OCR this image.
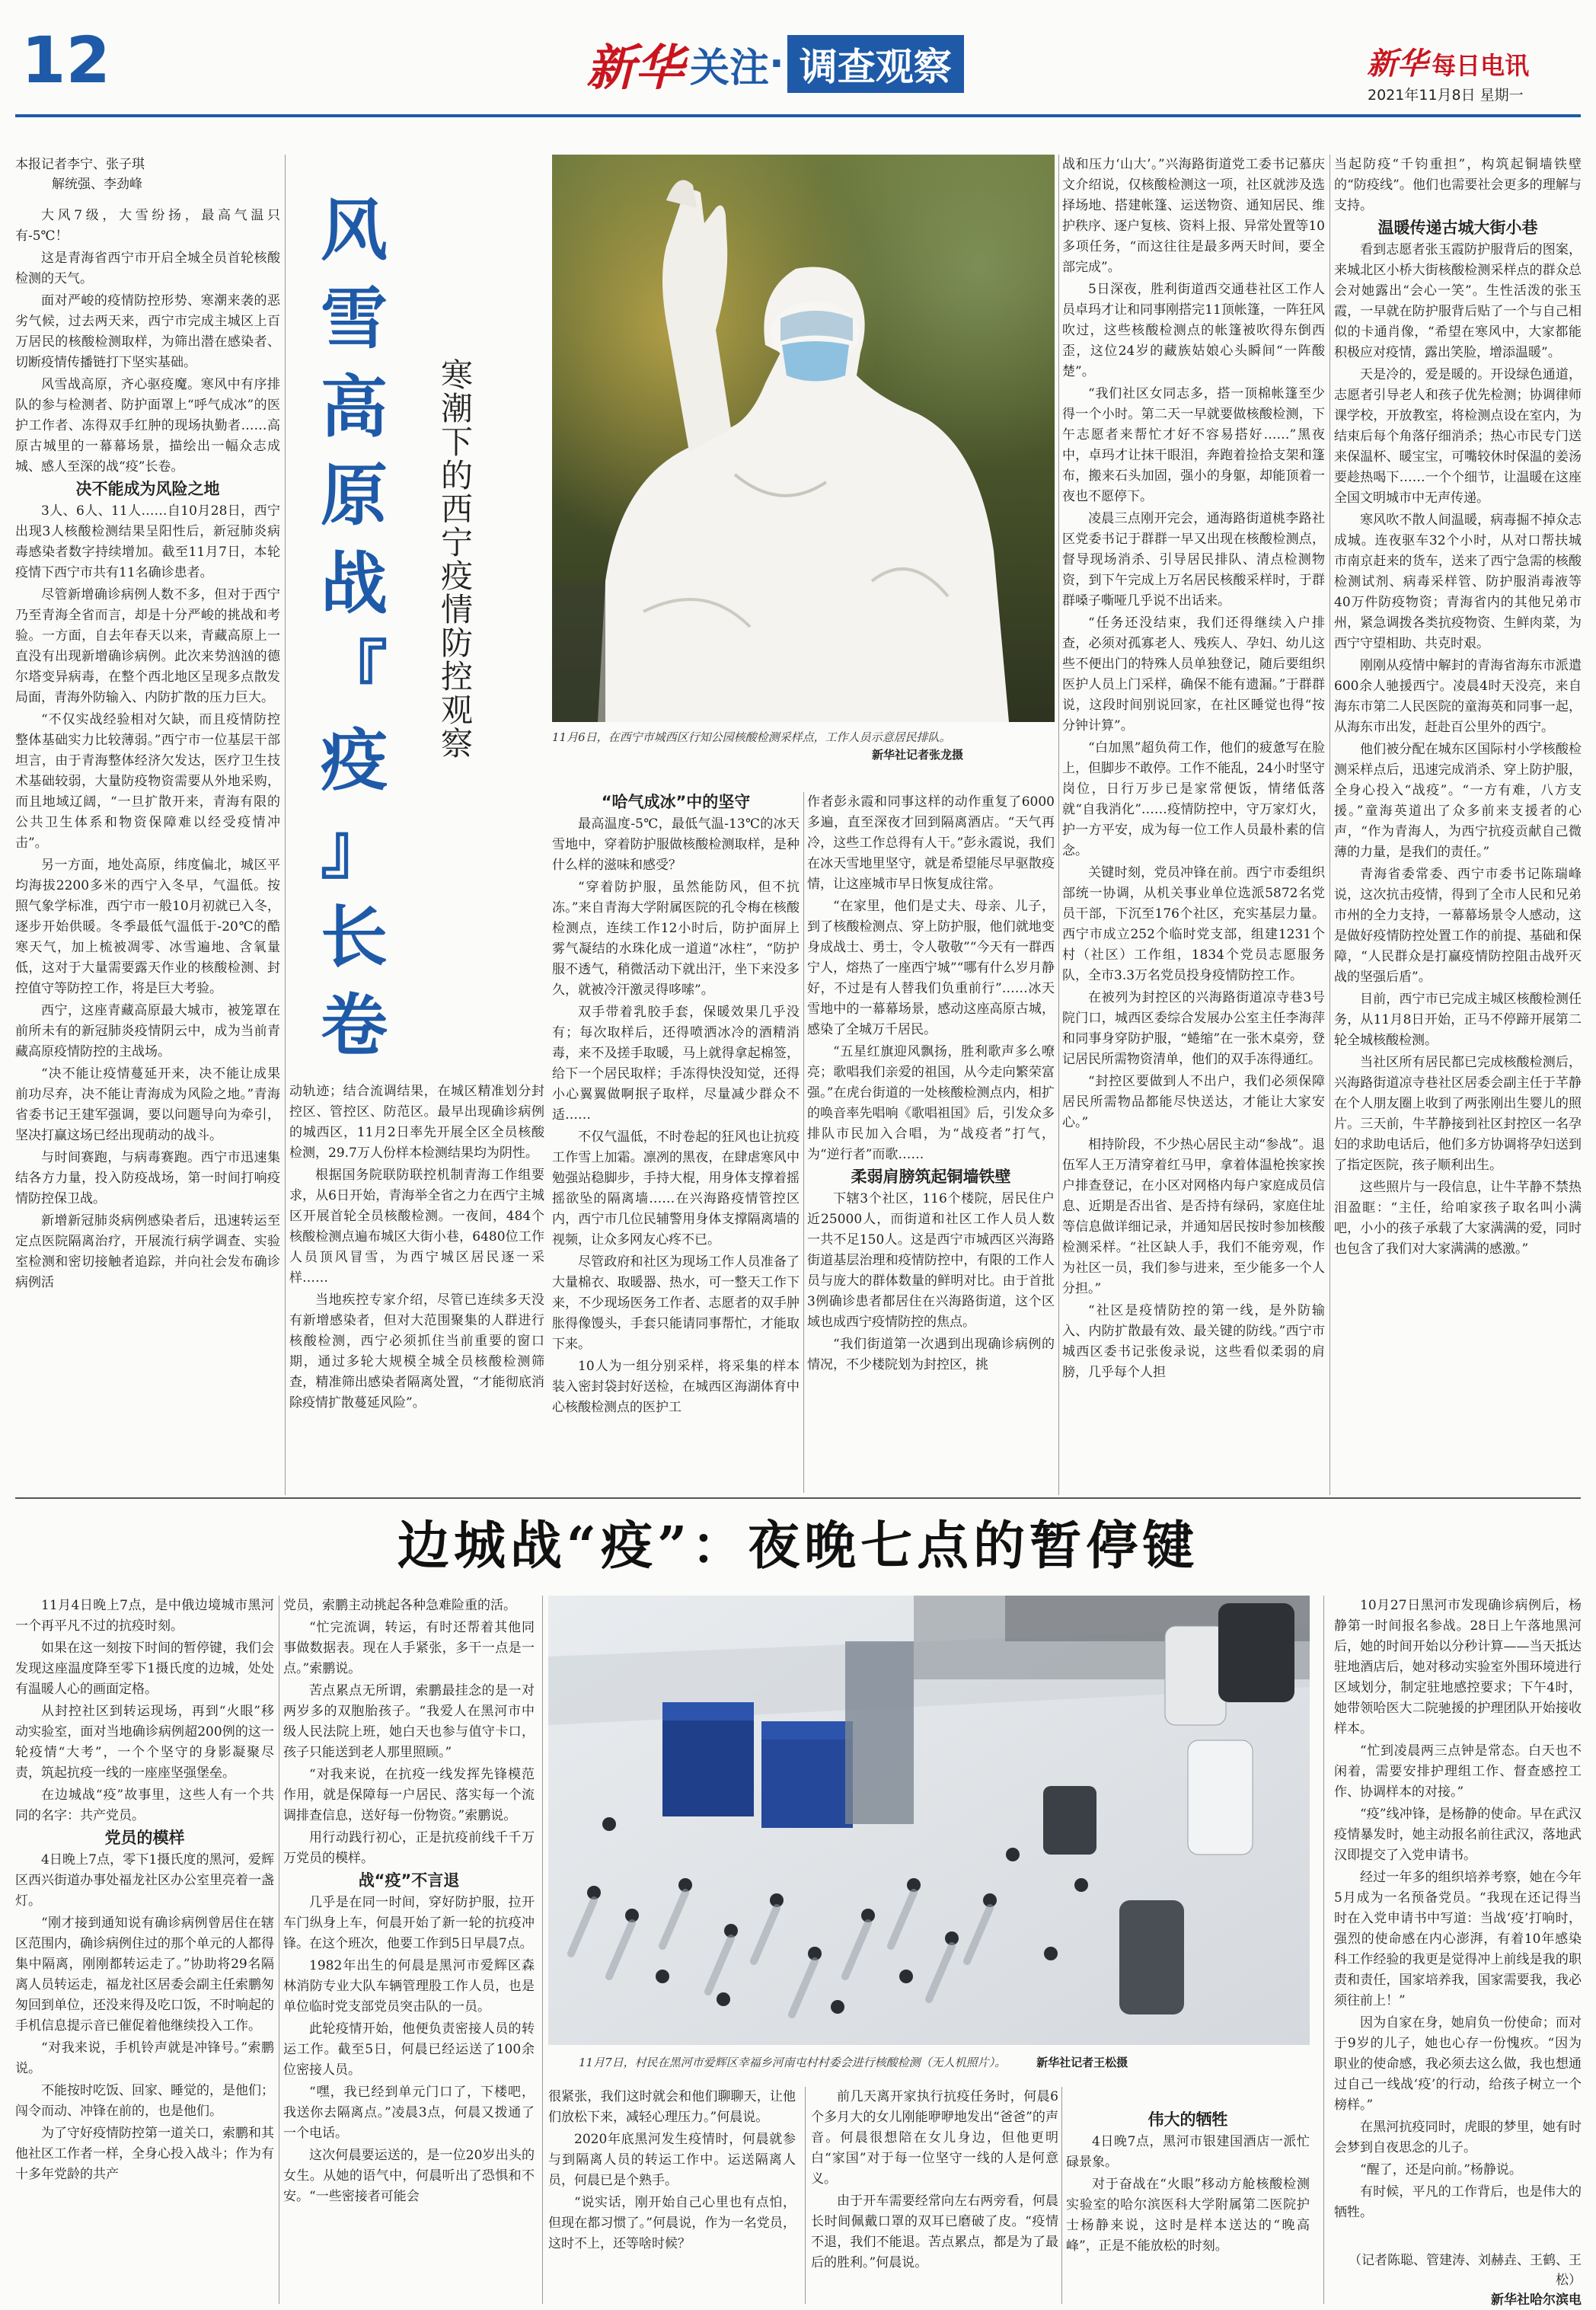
12	新华 关注 · 调查观察	新华 每日电讯
2021年11月8日 星期一
本报记者李宁、张子琪
解统强、李劲峰

大风7级，大雪纷扬，最高气温只有-5℃！

这是青海省西宁市开启全城全员首轮核酸检测的天气。

面对严峻的疫情防控形势、寒潮来袭的恶劣气候，过去两天来，西宁市完成主城区上百万居民的核酸检测取样，为筛出潜在感染者、切断疫情传播链打下坚实基础。

风雪战高原，齐心驱疫魔。寒风中有序排队的参与检测者、防护面罩上“呼气成冰”的医护工作者、冻得双手红肿的现场执勤者……高原古城里的一幕幕场景，描绘出一幅众志成城、感人至深的战“疫”长卷。

决不能成为风险之地

3人、6人、11人……自10月28日，西宁出现3人核酸检测结果呈阳性后，新冠肺炎病毒感染者数字持续增加。截至11月7日，本轮疫情下西宁市共有11名确诊患者。

尽管新增确诊病例人数不多，但对于西宁乃至青海全省而言，却是十分严峻的挑战和考验。一方面，自去年春天以来，青藏高原上一直没有出现新增确诊病例。此次来势汹汹的德尔塔变异病毒，在整个西北地区呈现多点散发局面，青海外防输入、内防扩散的压力巨大。

“不仅实战经验相对欠缺，而且疫情防控整体基础实力比较薄弱。”西宁市一位基层干部坦言，由于青海整体经济欠发达，医疗卫生技术基础较弱，大量防疫物资需要从外地采购，而且地域辽阔，“一旦扩散开来，青海有限的公共卫生体系和物资保障难以经受疫情冲击”。

另一方面，地处高原，纬度偏北，城区平均海拔2200多米的西宁入冬早，气温低。按照气象学标准，西宁市一般10月初就已入冬，逐步开始供暖。冬季最低气温低于-20℃的酷寒天气，加上梳被凋零、冰雪遍地、含氧量低，这对于大量需要露天作业的核酸检测、封控值守等防控工作，将是巨大考验。

西宁，这座青藏高原最大城市，被笼罩在前所未有的新冠肺炎疫情阴云中，成为当前青藏高原疫情防控的主战场。

“决不能让疫情蔓延开来，决不能让成果前功尽弃，决不能让青海成为风险之地。”青海省委书记王建军强调，要以问题导向为牵引，坚决打赢这场已经出现萌动的战斗。

与时间赛跑，与病毒赛跑。西宁市迅速集结各方力量，投入防疫战场，第一时间打响疫情防控保卫战。

新增新冠肺炎病例感染者后，迅速转运至定点医院隔离治疗，开展流行病学调查、实验室检测和密切接触者追踪，并向社会发布确诊病例活

风
雪
高
原
战
『
疫
』
长
卷
寒潮下的西宁疫情防控观察	11月6日，在西宁市城西区行知公园核酸检测采样点，工作人员示意居民排队。
新华社记者张龙摄

动轨迹；结合流调结果，在城区精准划分封控区、管控区、防范区。最早出现确诊病例的城西区，11月2日率先开展全区全员核酸检测，29.7万人份样本检测结果均为阴性。

根据国务院联防联控机制青海工作组要求，从6日开始，青海举全省之力在西宁主城区开展首轮全员核酸检测。一夜间，484个核酸检测点遍布城区大街小巷，6480位工作人员顶风冒雪，为西宁城区居民逐一采样……

当地疾控专家介绍，尽管已连续多天没有新增感染者，但对大范围聚集的人群进行核酸检测，西宁必须抓住当前重要的窗口期，通过多轮大规模全城全员核酸检测筛查，精准筛出感染者隔离处置，“才能彻底消除疫情扩散蔓延风险”。

“哈气成冰”中的坚守

最高温度-5℃，最低气温-13℃的冰天雪地中，穿着防护服做核酸检测取样，是种什么样的滋味和感受？

“穿着防护服，虽然能防风，但不抗冻。”来自青海大学附属医院的孔令梅在核酸检测点，连续工作12小时后，防护面屏上雾气凝结的水珠化成一道道“冰柱”，“防护服不透气，稍微活动下就出汗，坐下来没多久，就被冷汗激灵得哆嗦”。

双手带着乳胶手套，保暖效果几乎没有；每次取样后，还得喷洒冰冷的酒精消毒，来不及搓手取暖，马上就得拿起棉签，给下一个居民取样；手冻得快没知觉，还得小心翼翼做啊抿子取样，尽量减少群众不适……

不仅气温低，不时卷起的狂风也让抗疫工作雪上加霜。凛冽的黑夜，在肆虐寒风中勉强站稳脚步，手持大棍，用身体支撑着摇摇欲坠的隔离墙……在兴海路疫情管控区内，西宁市几位民辅警用身体支撑隔离墙的视频，让众多网友心疼不已。

尽管政府和社区为现场工作人员准备了大量棉衣、取暖器、热水，可一整天工作下来，不少现场医务工作者、志愿者的双手肿胀得像馒头，手套只能请同事帮忙，才能取下来。

10人为一组分别采样，将采集的样本装入密封袋封好送检，在城西区海湖体育中心核酸检测点的医护工

作者彭永霞和同事这样的动作重复了6000多遍，直至深夜才回到隔离酒店。“天气再冷，这些工作总得有人干。”彭永霞说，我们在冰天雪地里坚守，就是希望能尽早驱散疫情，让这座城市早日恢复成往常。

“在家里，他们是丈夫、母亲、儿子，到了核酸检测点、穿上防护服，他们就地变身成战士、勇士，令人敬敬”“今天有一群西宁人，熔热了一座西宁城”“哪有什么岁月静好，不过是有人替我们负重前行”……冰天雪地中的一幕幕场景，感动这座高原古城，感染了全城万千居民。

“五星红旗迎风飘扬，胜利歌声多么嘹亮；歌唱我们亲爱的祖国，从今走向繁荣富强。”在虎台街道的一处核酸检测点内，相扩的唤音率先唱响《歌唱祖国》后，引发众多排队市民加入合唱，为“战疫者”打气，为“逆行者”而歌……

柔弱肩膀筑起铜墙铁壁

下辖3个社区，116个楼院，居民住户近25000人，而街道和社区工作人员人数一共不足150人。这是西宁市城西区兴海路街道基层治理和疫情防控中，有限的工作人员与庞大的群体数量的鲜明对比。由于首批3例确诊患者都居住在兴海路街道，这个区域也成西宁疫情防控的焦点。

“我们街道第一次遇到出现确诊病例的情况，不少楼院划为封控区，挑

战和压力‘山大’。”兴海路街道党工委书记慕庆文介绍说，仅核酸检测这一项，社区就涉及选择场地、搭建帐篷、运送物资、通知居民、维护秩序、逐户复核、资料上报、异常处置等10多项任务，“而这往往是最多两天时间，要全部完成”。

5日深夜，胜利街道西交通巷社区工作人员卓玛才让和同事刚搭完11顶帐篷，一阵狂风吹过，这些核酸检测点的帐篷被吹得东倒西歪，这位24岁的藏族姑娘心头瞬间“一阵酸楚”。

“我们社区女同志多，搭一顶棉帐篷至少得一个小时。第二天一早就要做核酸检测，下午志愿者来帮忙才好不容易搭好……”黑夜中，卓玛才让抹干眼泪，奔跑着捡拾支架和篷布，搬来石头加固，强小的身躯，却能顶着一夜也不愿停下。

凌晨三点刚开完会，通海路街道桃李路社区党委书记于群群一早又出现在核酸检测点，督导现场消杀、引导居民排队、清点检测物资，到下午完成上万名居民核酸采样时，于群群嗓子嘶哑几乎说不出话来。

“任务还没结束，我们还得继续入户排查，必须对孤寡老人、残疾人、孕妇、幼儿这些不便出门的特殊人员单独登记，随后要组织医护人员上门采样，确保不能有遗漏。”于群群说，这段时间别说回家，在社区睡觉也得“按分钟计算”。

“白加黑”超负荷工作，他们的疲惫写在脸上，但脚步不敢停。工作不能乱，24小时坚守岗位，日行万步已是家常便饭，情绪低落就“自我消化”……疫情防控中，守万家灯火，护一方平安，成为每一位工作人员最朴素的信念。

关键时刻，党员冲锋在前。西宁市委组织部统一协调，从机关事业单位选派5872名党员干部，下沉至176个社区，充实基层力量。西宁市成立252个临时党支部，组建1231个村（社区）工作组，1834个党员志愿服务队，全市3.3万名党员投身疫情防控工作。

在被列为封控区的兴海路街道凉寺巷3号院门口，城西区委综合发展办公室主任李海萍和同事身穿防护服，“蜷缩”在一张木桌旁，登记居民所需物资清单，他们的双手冻得通红。

“封控区要做到人不出户，我们必须保障居民所需物品都能尽快送达，才能让大家安心。”

相持阶段，不少热心居民主动“参战”。退伍军人王万清穿着红马甲，拿着体温枪挨家挨户排查登记，在小区对网格内每户家庭成员信息、近期是否出省、是否持有绿码，家庭住址等信息做详细记录，并通知居民按时参加核酸检测采样。“社区缺人手，我们不能旁观，作为社区一员，我们参与进来，至少能多一个人分担。”

“社区是疫情防控的第一线，是外防输入、内防扩散最有效、最关键的防线。”西宁市城西区委书记张俊录说，这些看似柔弱的肩膀，几乎每个人担

当起防疫“千钧重担”，构筑起铜墙铁壁的“防疫线”。他们也需要社会更多的理解与支持。

温暖传递古城大街小巷

看到志愿者张玉霞防护服背后的图案，来城北区小桥大街核酸检测采样点的群众总会对她露出“会心一笑”。生性活泼的张玉霞，一早就在防护服背后贴了一个与自己相似的卡通肖像，“希望在寒风中，大家都能积极应对疫情，露出笑脸，增添温暖”。

天是冷的，爱是暖的。开设绿色通道，志愿者引导老人和孩子优先检测；协调律师课学校，开放教室，将检测点设在室内，为结束后每个角落仔细消杀；热心市民专门送来保温杯、暖宝宝，可嘴较休时保温的姜汤要趁热喝下……一个个细节，让温暖在这座全国文明城市中无声传递。

寒风吹不散人间温暖，病毒掘不掉众志成城。连夜驱车32个小时，从对口帮扶城市南京赶来的货车，送来了西宁急需的核酸检测试剂、病毒采样管、防护服消毒液等40万件防疫物资；青海省内的其他兄弟市州，紧急调拨各类抗疫物资、生鲜肉菜，为西宁守望相助、共克时艰。

刚刚从疫情中解封的青海省海东市派遣600余人驰援西宁。凌晨4时天没亮，来自海东市第二人民医院的童海英和同事一起，从海东市出发，赶赴百公里外的西宁。

他们被分配在城东区国际村小学核酸检测采样点后，迅速完成消杀、穿上防护服，全身心投入“战疫”。“一方有难，八方支援。”童海英道出了众多前来支援者的心声，“作为青海人，为西宁抗疫贡献自己微薄的力量，是我们的责任。”

青海省委常委、西宁市委书记陈瑞峰说，这次抗击疫情，得到了全市人民和兄弟市州的全力支持，一幕幕场景令人感动，这是做好疫情防控处置工作的前提、基础和保障，“人民群众是打赢疫情防控阻击战歼灭战的坚强后盾”。

目前，西宁市已完成主城区核酸检测任务，从11月8日开始，正马不停蹄开展第二轮全城核酸检测。

当社区所有居民都已完成核酸检测后，兴海路街道凉寺巷社区居委会副主任于芊静在个人朋友圈上收到了两张刚出生婴儿的照片。三天前，牛芊静接到社区封控区一名孕妇的求助电话后，他们多方协调将孕妇送到了指定医院，孩子顺利出生。

这些照片与一段信息，让牛芊静不禁热泪盈眶：“主任，给咱家孩子取名叫小满吧，小小的孩子承载了大家满满的爱，同时也包含了我们对大家满满的感激。”

边城战“疫”：夜晚七点的暂停键

11月4日晚上7点，是中俄边境城市黑河一个再平凡不过的抗疫时刻。

如果在这一刻按下时间的暂停键，我们会发现这座温度降至零下1摄氏度的边城，处处有温暖人心的画面定格。

从封控社区到转运现场，再到“火眼”移动实验室，面对当地确诊病例超200例的这一轮疫情“大考”，一个个坚守的身影凝聚尽责，筑起抗疫一线的一座座坚强堡垒。

在边城战“疫”故事里，这些人有一个共同的名字：共产党员。

党员的模样

4日晚上7点，零下1摄氏度的黑河，爱辉区西兴街道办事处福龙社区办公室里亮着一盏灯。

“刚才接到通知说有确诊病例曾居住在辖区范围内，确诊病例住过的那个单元的人都得集中隔离，刚刚都转运走了。”协助将29名隔离人员转运走，福龙社区居委会副主任索鹏匆匆回到单位，还没来得及吃口饭，不时响起的手机信息提示音已催促着他继续投入工作。

“对我来说，手机铃声就是冲锋号。”索鹏说。

不能按时吃饭、回家、睡觉的，是他们；闯令而动、冲锋在前的，也是他们。

为了守好疫情防控第一道关口，索鹏和其他社区工作者一样，全身心投入战斗；作为有十多年党龄的共产

党员，索鹏主动挑起各种急难险重的活。

“忙完流调，转运，有时还帮着其他同事做数据表。现在人手紧张，多干一点是一点。”索鹏说。

苦点累点无所谓，索鹏最挂念的是一对两岁多的双胞胎孩子。“我爱人在黑河市中级人民法院上班，她白天也参与值守卡口，孩子只能送到老人那里照顾。”

“对我来说，在抗疫一线发挥先锋模范作用，就是保障每一户居民、落实每一个流调排查信息，送好每一份物资。”索鹏说。

用行动践行初心，正是抗疫前线千千万万党员的模样。

战“疫”不言退

几乎是在同一时间，穿好防护服，拉开车门纵身上车，何晨开始了新一轮的抗疫冲锋。在这个班次，他要工作到5日早晨7点。

1982年出生的何晨是黑河市爱辉区森林消防专业大队车辆管理股工作人员，也是单位临时党支部党员突击队的一员。

此轮疫情开始，他便负责密接人员的转运工作。截至5日，何晨已经运送了100余位密接人员。

“嘿，我已经到单元门口了，下楼吧，我送你去隔离点。”凌晨3点，何晨又拨通了一个电话。

这次何晨要运送的，是一位20岁出头的女生。从她的语气中，何晨听出了恐惧和不安。“一些密接者可能会

11月7日，村民在黑河市爱辉区幸福乡河南屯村村委会进行核酸检测（无人机照片）。	新华社记者王松摄

很紧张，我们这时就会和他们聊聊天，让他们放松下来，减轻心理压力。”何晨说。

2020年底黑河发生疫情时，何晨就参与到隔离人员的转运工作中。运送隔离人员，何晨已是个熟手。

“说实话，刚开始自己心里也有点怕，但现在都习惯了。”何晨说，作为一名党员，这时不上，还等啥时候？

前几天离开家执行抗疫任务时，何晨6个多月大的女儿刚能咿咿地发出“爸爸”的声音。何晨很想陪在女儿身边，但他更明白“家国”对于每一位坚守一线的人是何意义。

由于开车需要经常向左右两旁看，何晨长时间佩戴口罩的双耳已磨破了皮。“疫情不退，我们不能退。苦点累点，都是为了最后的胜利。”何晨说。

伟大的牺牲

4日晚7点，黑河市银建国酒店一派忙碌景象。

对于奋战在“火眼”移动方舱核酸检测实验室的哈尔滨医科大学附属第二医院护士杨静来说，这时是样本送达的“晚高峰”，正是不能放松的时刻。

10月27日黑河市发现确诊病例后，杨静第一时间报名参战。28日上午落地黑河后，她的时间开始以分秒计算——当天抵达驻地酒店后，她对移动实验室外围环境进行区域划分，制定驻地感控要求；下午4时，她带领哈医大二院驰援的护理团队开始接收样本。

“忙到凌晨两三点钟是常态。白天也不闲着，需要安排护理组工作、督查感控工作、协调样本的对接。”

“疫”线冲锋，是杨静的使命。早在武汉疫情暴发时，她主动报名前往武汉，落地武汉即提交了入党申请书。

经过一年多的组织培养考察，她在今年5月成为一名预备党员。“我现在还记得当时在入党申请书中写道：当战‘疫’打响时，强烈的使命感在内心澎湃，有着10年感染科工作经验的我更是觉得冲上前线是我的职责和责任，国家培养我，国家需要我，我必须往前上！”

因为自家在身，她肩负一份使命；而对于9岁的儿子，她也心存一份愧疚。“因为职业的使命感，我必须去这么做，我也想通过自己一线战‘疫’的行动，给孩子树立一个榜样。”

在黑河抗疫同时，虎眼的梦里，她有时会梦到自夜思念的儿子。

“醒了，还是向前。”杨静说。

有时候，平凡的工作背后，也是伟大的牺牲。

（记者陈聪、管建涛、刘赫垚、王鹤、王松）
新华社哈尔滨电
